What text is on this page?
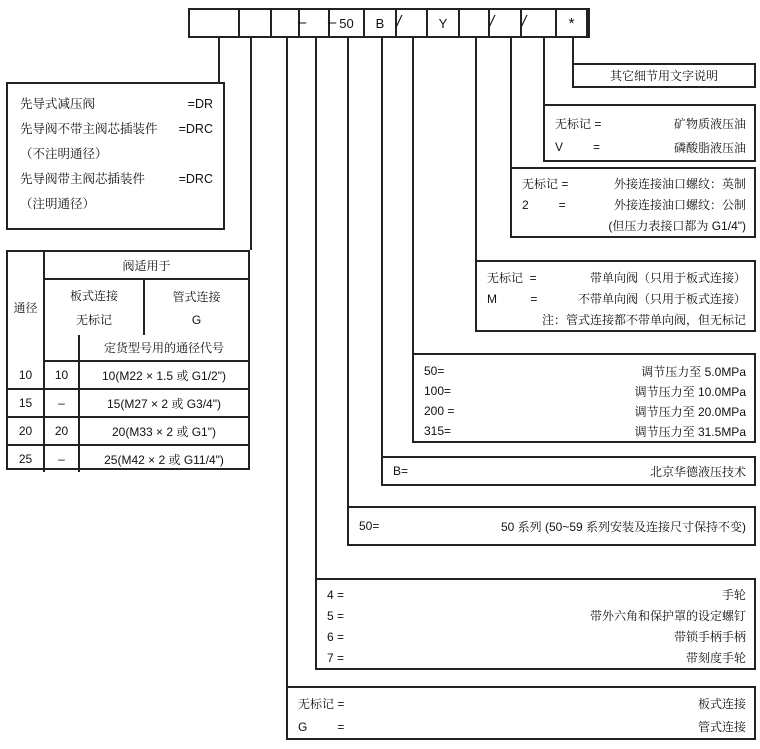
50 B	Y	*
– –	/	/ /
先导式减压阀	=DR
先导阀不带主阀芯插装件 =DRC
（不注明通径）
先导阀带主阀芯插装件	=DRC
（注明通径）
通径
阀适用于
板式连接
无标记
管式连接
G
定货型号用的通径代号
10 10	10(M22 × 1.5 或 G1/2")
15 –	15(M27 × 2 或 G3/4")
20 20	20(M33 × 2 或 G1")
25 –	25(M42 × 2 或 G11/4")
其它细节用文字说明
无标记 =	矿物质液压油
V         =	磷酸脂液压油
无标记 =	外接连接油口螺纹：英制
2         =	外接连接油口螺纹：公制
(但压力表接口都为 G1/4")
无标记  =	带单向阀（只用于板式连接）
M          =	不带单向阀（只用于板式连接）
注：管式连接都不带单向阀，但无标记
50=	调节压力至 5.0MPa
100=	调节压力至 10.0MPa
200 =	调节压力至 20.0MPa
315=	调节压力至 31.5MPa
B=	北京华德液压技术
50=	50 系列 (50~59 系列安装及连接尺寸保持不变)
4 =	手轮
5 =	带外六角和保护罩的设定螺钉
6 =	带锁手柄手柄
7 =	带刻度手轮
无标记 =	板式连接
G         =	管式连接
